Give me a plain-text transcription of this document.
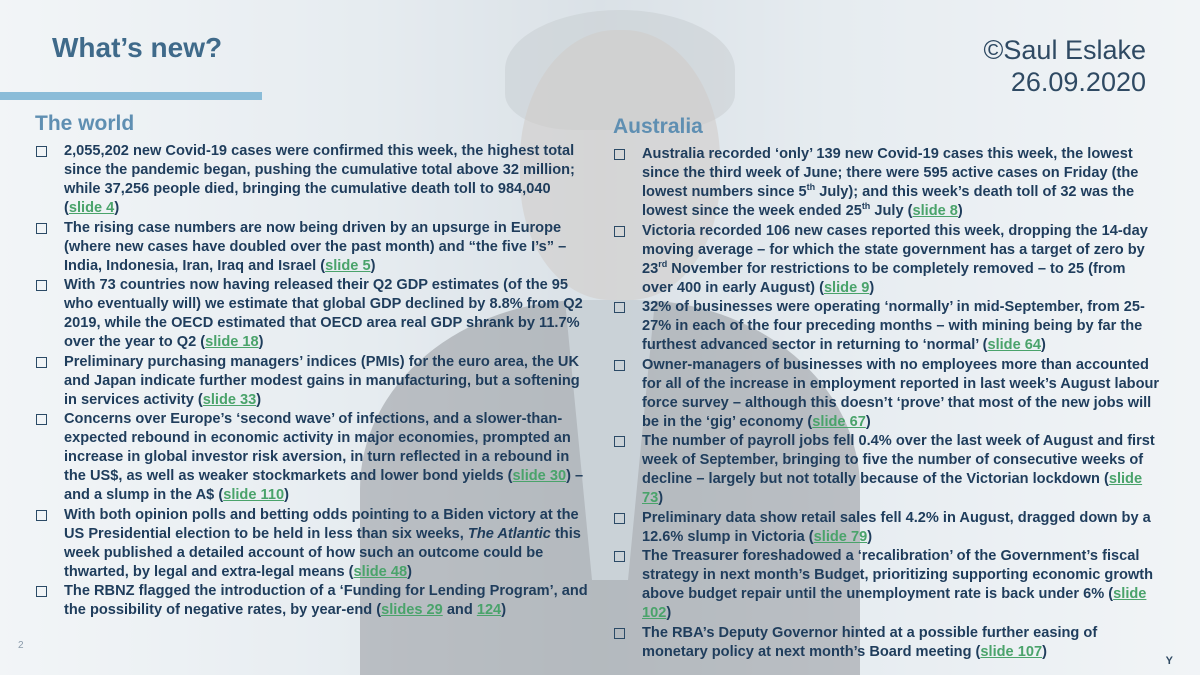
What’s new?	©Saul Eslake
26.09.2020
The world
2,055,202 new Covid-19 cases were confirmed this week, the highest total since the pandemic began, pushing the cumulative total above 32 million; while 37,256 people died, bringing the cumulative death toll to 984,040 (slide 4)
The rising case numbers are now being driven by an upsurge in Europe (where new cases have doubled over the past month) and “the five I’s” – India, Indonesia, Iran, Iraq and Israel (slide 5)
With 73 countries now having released their Q2 GDP estimates (of the 95 who eventually will) we estimate that global GDP declined by 8.8% from Q2 2019, while the OECD estimated that OECD area real GDP shrank by 11.7% over the year to Q2 (slide 18)
Preliminary purchasing managers’ indices (PMIs) for the euro area, the UK and Japan indicate further modest gains in manufacturing, but a softening in services activity (slide 33)
Concerns over Europe’s ‘second wave’ of infections, and a slower-than-expected rebound in economic activity in major economies, prompted an increase in global investor risk aversion, in turn reflected in a rebound in the US$, as well as weaker stockmarkets and lower bond yields (slide 30) – and a slump in the A$ (slide 110)
With both opinion polls and betting odds pointing to a Biden victory at the US Presidential election to be held in less than six weeks, The Atlantic this week published a detailed account of how such an outcome could be thwarted, by legal and extra-legal means (slide 48)
The RBNZ flagged the introduction of a ‘Funding for Lending Program’, and the possibility of negative rates, by year-end (slides 29 and 124)
Australia
Australia recorded ‘only’ 139 new Covid-19 cases this week, the lowest since the third week of June; there were 595 active cases on Friday (the lowest numbers since 5th July); and this week’s death toll of 32 was the lowest since the week ended 25th July (slide 8)
Victoria recorded 106 new cases reported this week, dropping the 14-day moving average – for which the state government has a target of zero by 23rd November for restrictions to be completely removed – to 25 (from over 400 in early August) (slide 9)
32% of businesses were operating ‘normally’ in mid-September, from 25-27% in each of the four preceding months – with mining being by far the furthest advanced sector in returning to ‘normal’ (slide 64)
Owner-managers of businesses with no employees more than accounted for all of the increase in employment reported in last week’s August labour force survey – although this doesn’t ‘prove’ that most of the new jobs will be in the ‘gig’ economy (slide 67)
The number of payroll jobs fell 0.4% over the last week of August and first week of September, bringing to five the number of consecutive weeks of decline – largely but not totally because of the Victorian lockdown (slide 73)
Preliminary data show retail sales fell 4.2% in August, dragged down by a 12.6% slump in Victoria (slide 79)
The Treasurer foreshadowed a ‘recalibration’ of the Government’s fiscal strategy in next month’s Budget, prioritizing supporting economic growth above budget repair until the unemployment rate is back under 6% (slide 102)
The RBA’s Deputy Governor hinted at a possible further easing of monetary policy at next month’s Board meeting (slide 107)
2
Y
